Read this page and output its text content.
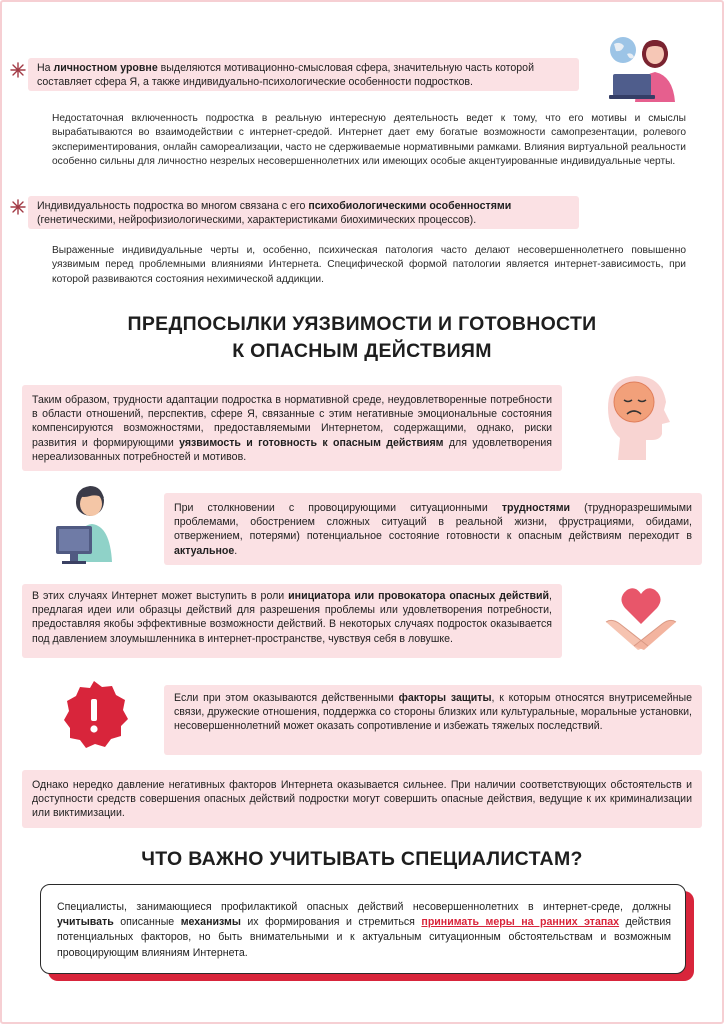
На личностном уровне выделяются мотивационно-смысловая сфера, значительную часть которой составляет сфера Я, а также индивидуально-психологические особенности подростков.
Недостаточная включенность подростка в реальную интересную деятельность ведет к тому, что его мотивы и смыслы вырабатываются во взаимодействии с интернет-средой. Интернет дает ему богатые возможности самопрезентации, ролевого экспериментирования, онлайн самореализации, часто не сдерживаемые нормативными рамками. Влияния виртуальной реальности особенно сильны для личностно незрелых несовершеннолетних или имеющих особые акцентуированные индивидуальные черты.
Индивидуальность подростка во многом связана с его психобиологическими особенностями (генетическими, нейрофизиологическими, характеристиками биохимических процессов).
Выраженные индивидуальные черты и, особенно, психическая патология часто делают несовершеннолетнего повышенно уязвимым перед проблемными влияниями Интернета. Специфической формой патологии является интернет-зависимость, при которой развиваются состояния нехимической аддикции.
ПРЕДПОСЫЛКИ УЯЗВИМОСТИ И ГОТОВНОСТИ
К ОПАСНЫМ ДЕЙСТВИЯМ
Таким образом, трудности адаптации подростка в нормативной среде, неудовлетворенные потребности в области отношений, перспектив, сфере Я, связанные с этим негативные эмоциональные состояния компенсируются возможностями, предоставляемыми Интернетом, содержащими, однако, риски развития и формирующими уязвимость и готовность к опасным действиям для удовлетворения нереализованных потребностей и мотивов.
При столкновении с провоцирующими ситуационными трудностями (трудноразрешимыми проблемами, обострением сложных ситуаций в реальной жизни, фрустрациями, обидами, отвержением, потерями) потенциальное состояние готовности к опасным действиям переходит в актуальное.
В этих случаях Интернет может выступить в роли инициатора или провокатора опасных действий, предлагая идеи или образцы действий для разрешения проблемы или удовлетворения потребности, предоставляя якобы эффективные возможности действий. В некоторых случаях подросток оказывается под давлением злоумышленника в интернет-пространстве, чувствуя себя в ловушке.
Если при этом оказываются действенными факторы защиты, к которым относятся внутрисемейные связи, дружеские отношения, поддержка со стороны близких или культуральные, моральные установки, несовершеннолетний может оказать сопротивление и избежать тяжелых последствий.
Однако нередко давление негативных факторов Интернета оказывается сильнее. При наличии соответствующих обстоятельств и доступности средств совершения опасных действий подростки могут совершить опасные действия, ведущие к их криминализации или виктимизации.
ЧТО ВАЖНО УЧИТЫВАТЬ СПЕЦИАЛИСТАМ?
Специалисты, занимающиеся профилактикой опасных действий несовершеннолетних в интернет-среде, должны учитывать описанные механизмы их формирования и стремиться принимать меры на ранних этапах действия потенциальных факторов, но быть внимательными и к актуальным ситуационным обстоятельствам и возможным провоцирующим влияниям Интернета.
